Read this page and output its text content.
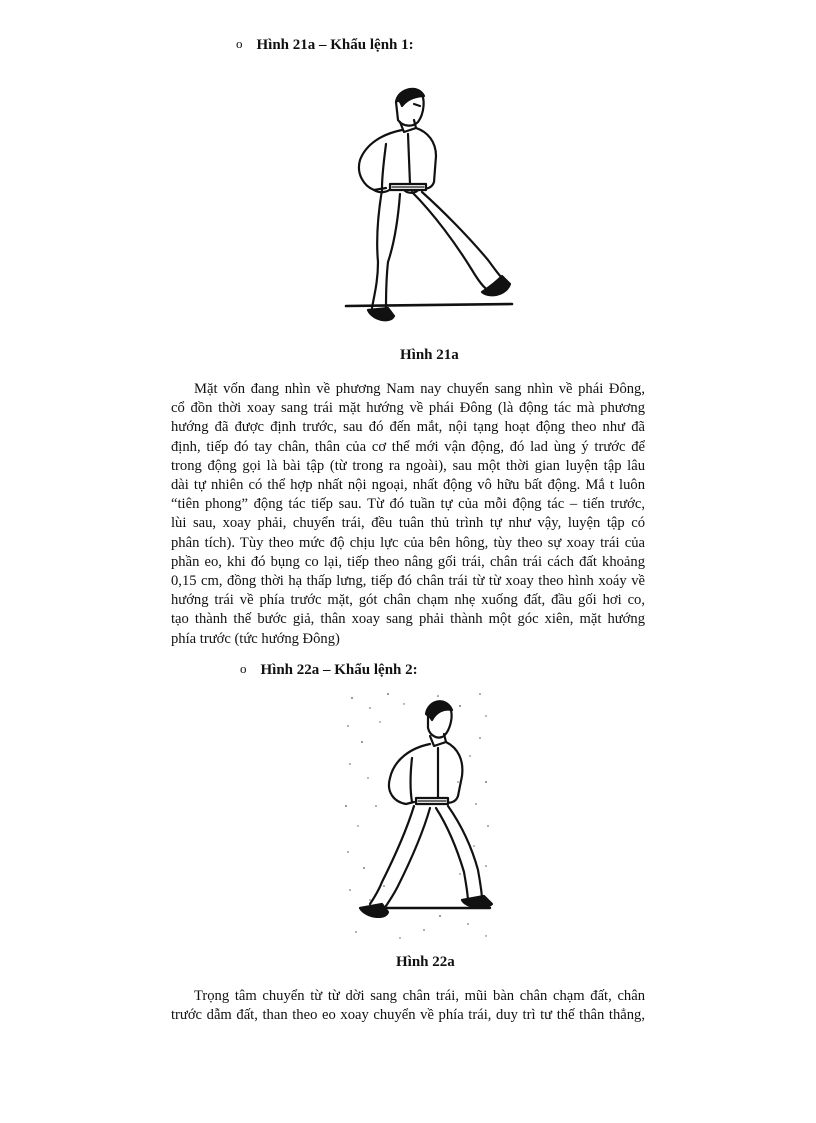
o Hình 21a – Khẩu lệnh 1:
Hình 21a

Mặt vốn đang nhìn về phương Nam nay chuyển sang nhìn về phái Đông,
cổ đồn thời xoay sang trái mặt hướng về phái Đông (là động tác mà phương
hướng đã được định trước, sau đó đến mắt, nội tạng hoạt động theo như đã
định, tiếp đó tay chân, thân của cơ thể mới vận động, đó lad ùng ý trước để
trong động gọi là bài tập (từ trong ra ngoài), sau một thời gian luyện tập lâu
dài tự nhiên có thể hợp nhất nội ngoại, nhất động vô hữu bất động. Mắ t luôn
“tiên phong” động tác tiếp sau. Từ đó tuần tự của mỗi động tác – tiến trước,
lùi sau, xoay phải, chuyển trái, đều tuân thủ trình tự như vậy, luyện tập có
phân tích). Tùy theo mức độ chịu lực của bên hông, tùy theo sự xoay trái của
phần eo, khi đó bụng co lại, tiếp theo nâng gối trái, chân trái cách đất khoảng
0,15 cm, đồng thời hạ thấp lưng, tiếp đó chân trái từ từ xoay theo hình xoáy về
hướng trái về phía trước mặt, gót chân chạm nhẹ xuống đất, đầu gối hơi co,
tạo thành thế bước giả, thân xoay sang phải thành một góc xiên, mặt hướng
phía trước (tức hướng Đông)

o Hình 22a – Khẩu lệnh 2:
Hình 22a

Trọng tâm chuyển từ từ dời sang chân trái, mũi bàn chân chạm đất, chân
trước dẫm đất, than theo eo xoay chuyển về phía trái, duy trì tư thế thân thẳng,
